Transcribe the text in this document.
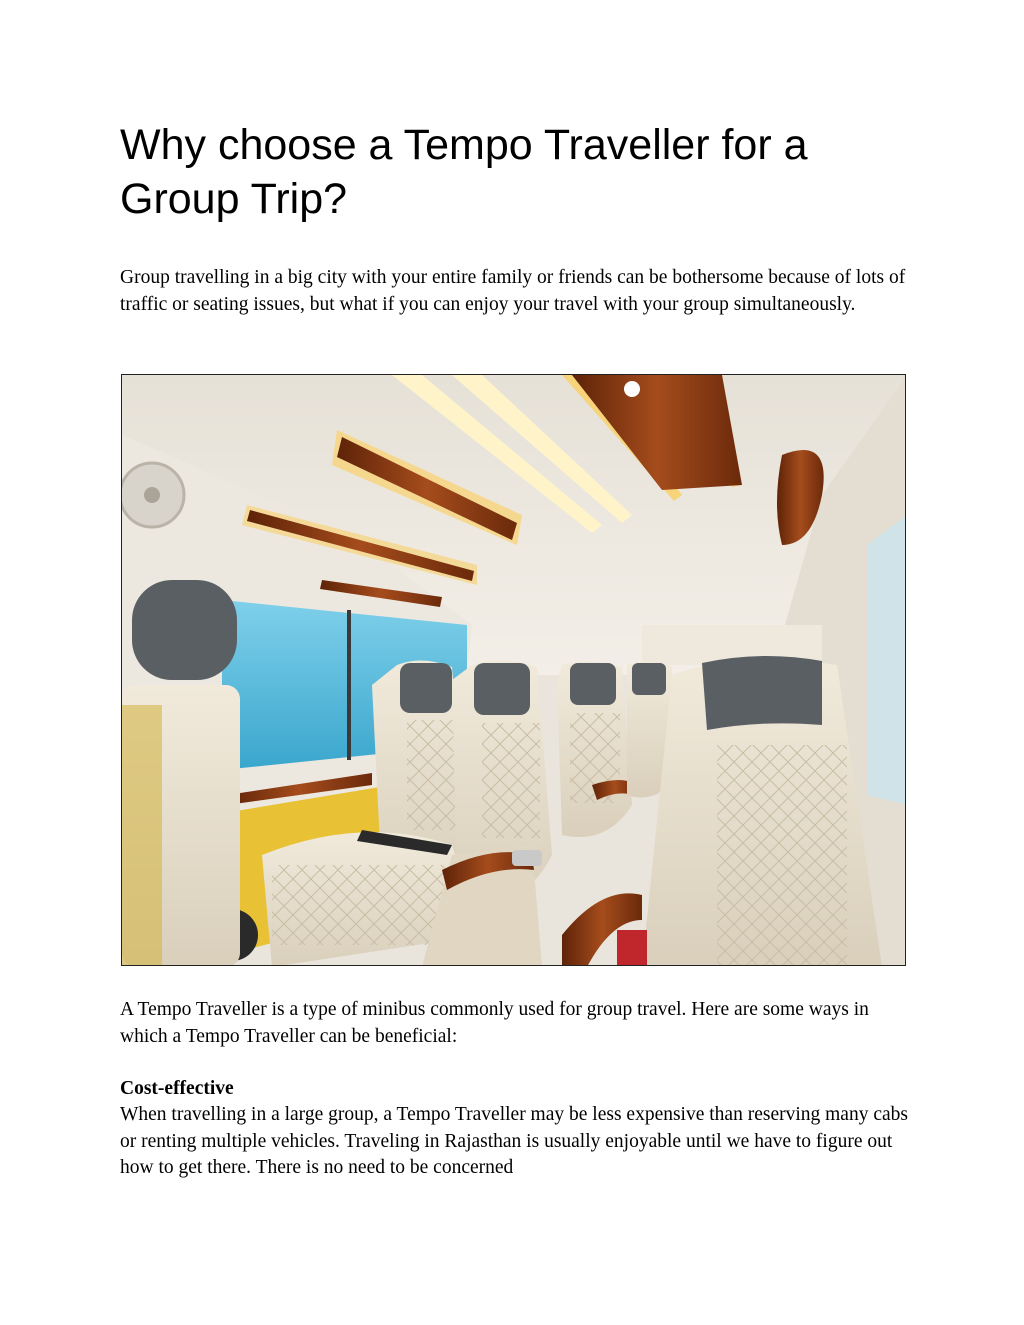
Why choose a Tempo Traveller for a Group Trip?

Group travelling in a big city with your entire family or friends can be bothersome because of lots of traffic or seating issues, but what if you can enjoy your travel with your group simultaneously.

A Tempo Traveller is a type of minibus commonly used for group travel. Here are some ways in which a Tempo Traveller can be beneficial:

Cost-effective

When travelling in a large group, a Tempo Traveller may be less expensive than reserving many cabs or renting multiple vehicles. Traveling in Rajasthan is usually enjoyable until we have to figure out how to get there. There is no need to be concerned
